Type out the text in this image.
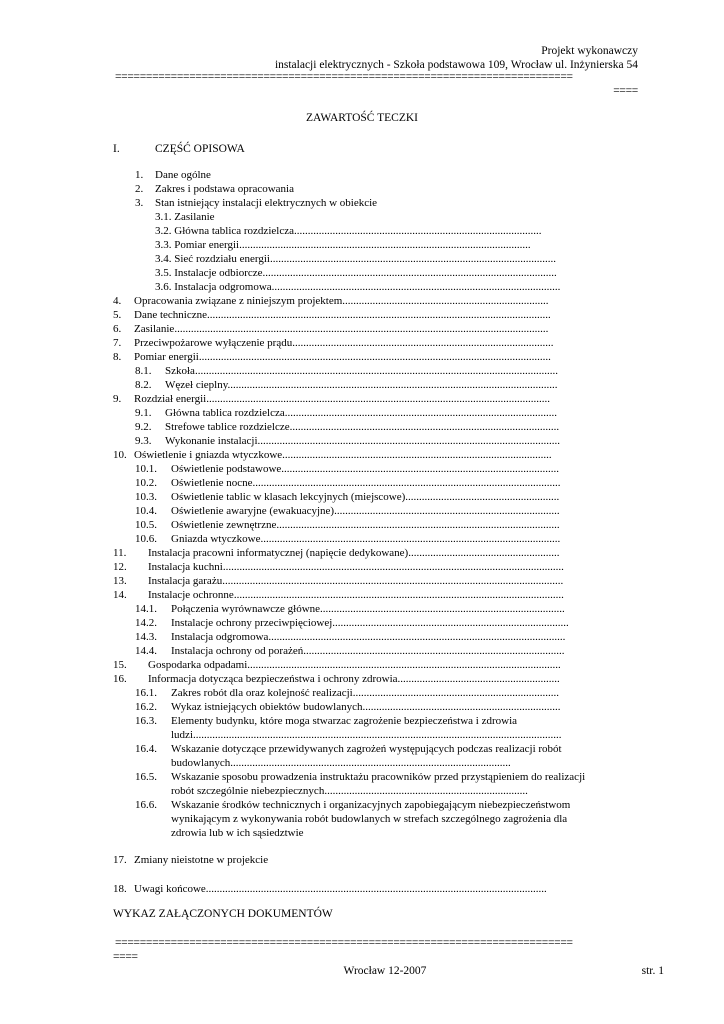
Projekt wykonawczy
instalacji elektrycznych - Szkoła podstawowa 109, Wrocław ul. Inżynierska 54
==========================================================================
====
ZAWARTOŚĆ TECZKI
I.	CZĘŚĆ OPISOWA
1. Dane ogólne
2. Zakres i podstawa opracowania
3. Stan istniejący instalacji elektrycznych w obiekcie
3.1. Zasilanie
3.2. Główna tablica rozdzielcza..........................................................................................
3.3. Pomiar energii..........................................................................................................
3.4. Sieć rozdziału energii........................................................................................................
3.5. Instalacje odbiorcze...........................................................................................................
3.6. Instalacja odgromowa.........................................................................................................
4. Opracowania związane z niniejszym projektem...........................................................................
5. Dane techniczne.............................................................................................................................
6. Zasilanie........................................................................................................................................
7. Przeciwpożarowe wyłączenie prądu...............................................................................................
8. Pomiar energii................................................................................................................................
8.1. Szkoła....................................................................................................................................
8.2. Węzeł cieplny........................................................................................................................
9. Rozdział energii.............................................................................................................................
9.1. Główna tablica rozdzielcza...................................................................................................
9.2. Strefowe tablice rozdzielcze..................................................................................................
9.3. Wykonanie instalacji..............................................................................................................
10. Oświetlenie i gniazda wtyczkowe..................................................................................................
10.1. Oświetlenie podstawowe.....................................................................................................
10.2. Oświetlenie nocne................................................................................................................
10.3. Oświetlenie tablic w klasach lekcyjnych (miejscowe)........................................................
10.4. Oświetlenie awaryjne (ewakuacyjne)..................................................................................
10.5. Oświetlenie zewnętrzne.......................................................................................................
10.6. Gniazda wtyczkowe.............................................................................................................
11. Instalacja pracowni informatycznej (napięcie dedykowane).......................................................
12. Instalacja kuchni............................................................................................................................
13. Instalacja garażu............................................................................................................................
14. Instalacje ochronne........................................................................................................................
14.1. Połączenia wyrównawcze główne.........................................................................................
14.2. Instalacje ochrony przeciwpięciowej......................................................................................
14.3. Instalacja odgromowa............................................................................................................
14.4. Instalacja ochrony od porażeń...............................................................................................
15. Gospodarka odpadami..................................................................................................................
16. Informacja dotycząca bezpieczeństwa i ochrony zdrowia...........................................................
16.1. Zakres robót dla oraz kolejność realizacji...........................................................................
16.2. Wykaz istniejących obiektów budowlanych........................................................................
16.3. Elementy budynku, które moga stwarzac zagrożenie bezpieczeństwa i zdrowia
ludzi......................................................................................................................................
16.4. Wskazanie dotyczące przewidywanych zagrożeń występujących podczas realizacji robót
budowlanych......................................................................................................
16.5. Wskazanie sposobu prowadzenia instruktażu pracowników przed przystąpieniem do realizacji
robót szczególnie niebezpiecznych..........................................................................
16.6. Wskazanie środków technicznych i organizacyjnych zapobiegającym niebezpieczeństwom
wynikającym z wykonywania robót budowlanych w strefach szczególnego zagrożenia dla
zdrowia lub w ich sąsiedztwie
17. Zmiany nieistotne w projekcie
18. Uwagi końcowe............................................................................................................................
WYKAZ ZAŁĄCZONYCH DOKUMENTÓW
==========================================================================
====
Wrocław 12-2007	str. 1
